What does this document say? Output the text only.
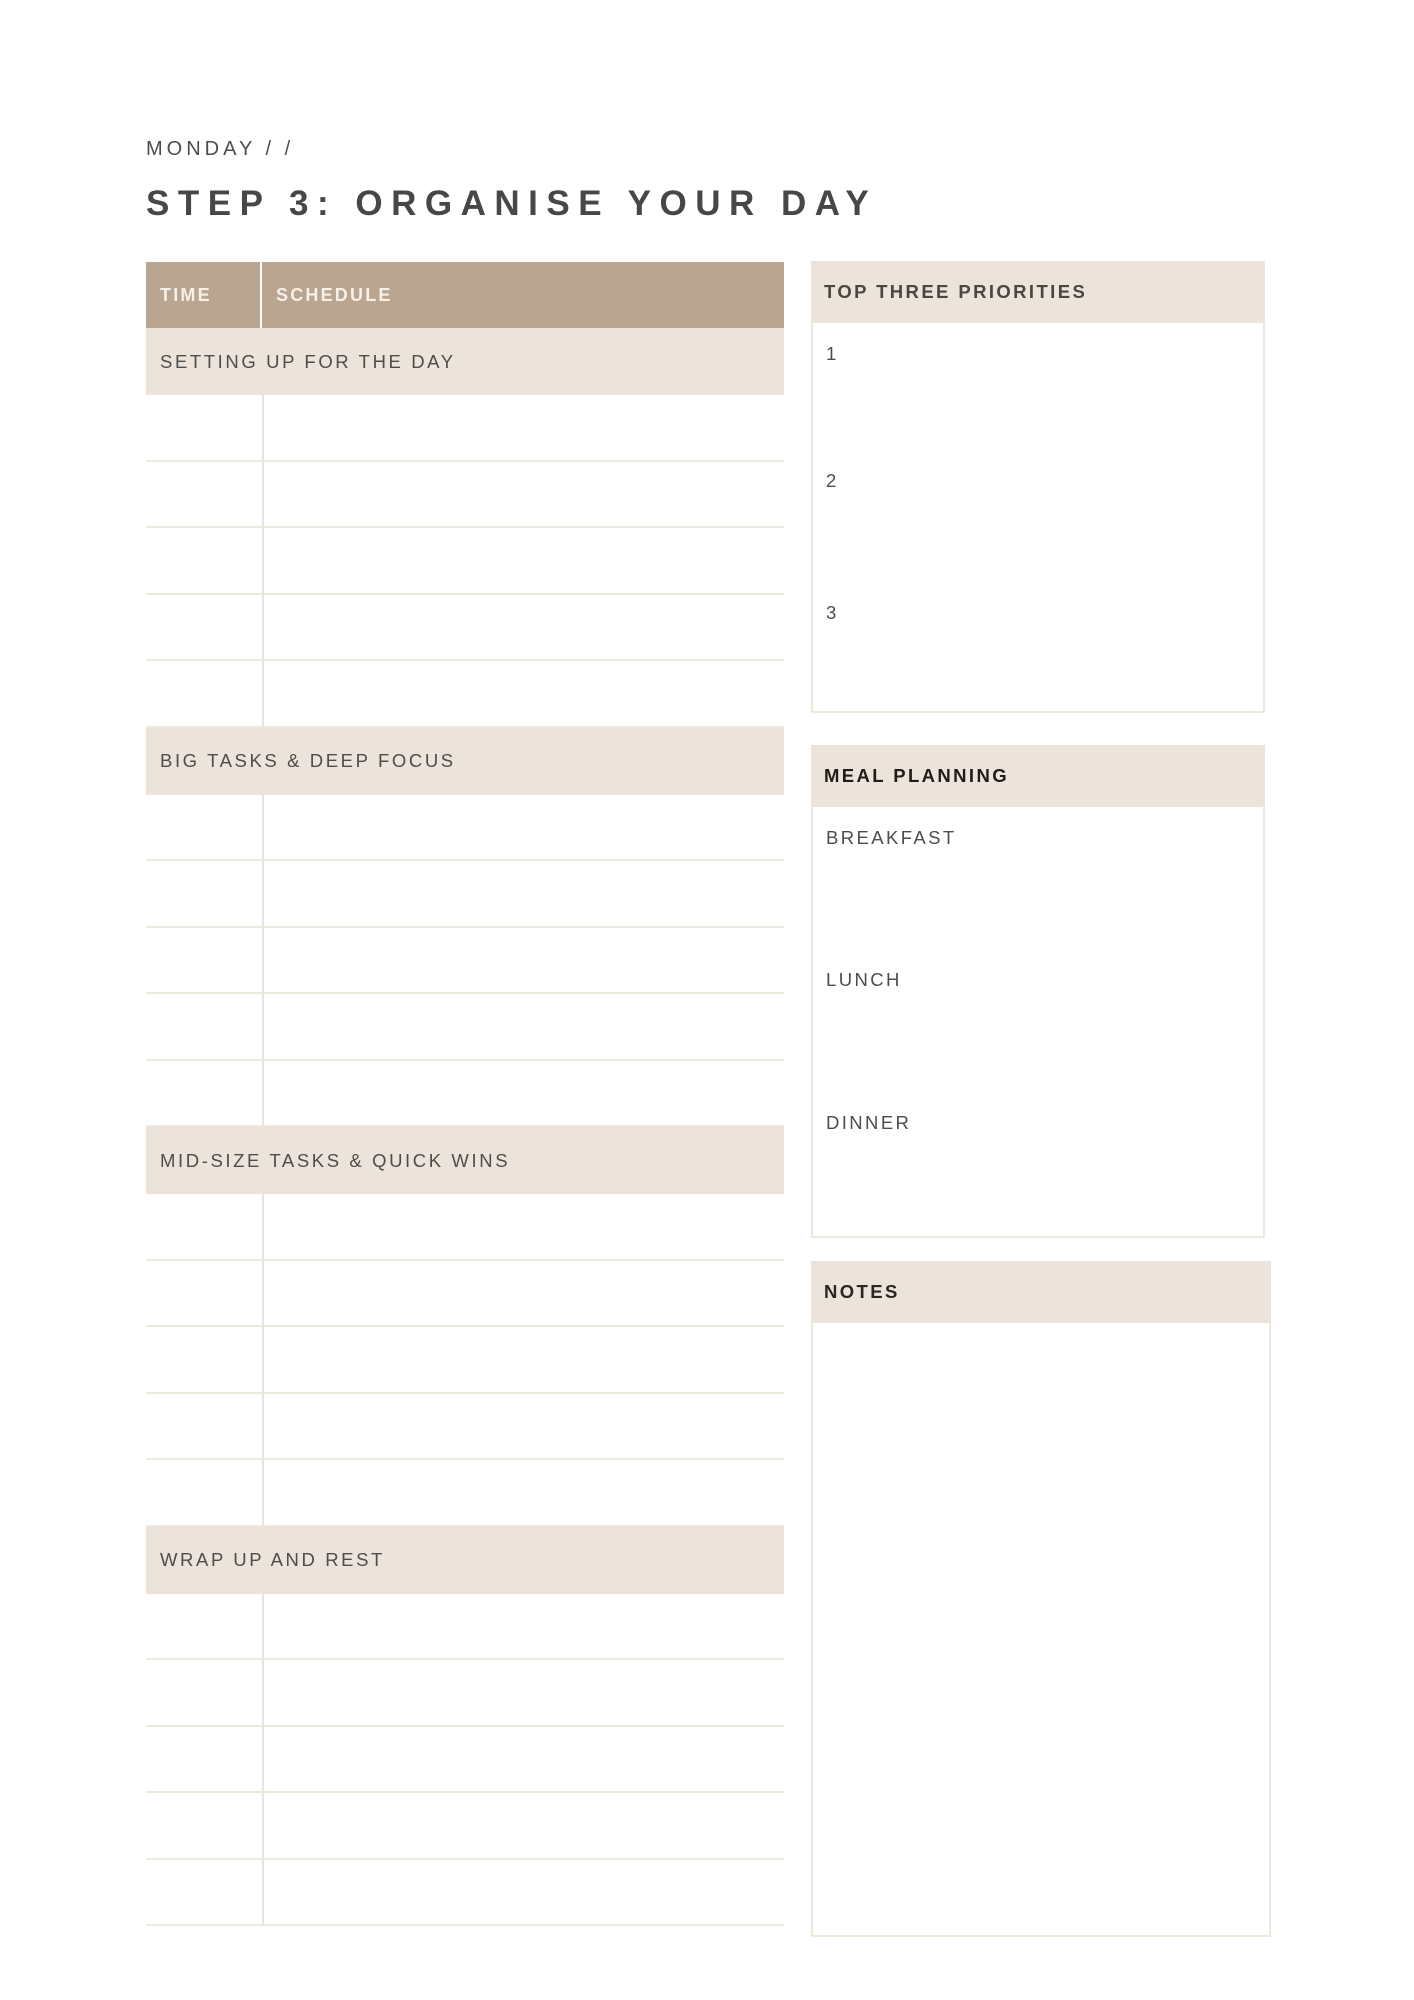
MONDAY / /
STEP 3: ORGANISE YOUR DAY
TIME	SCHEDULE
SETTING UP FOR THE DAY
BIG TASKS & DEEP FOCUS
MID-SIZE TASKS & QUICK WINS
WRAP UP AND REST
TOP THREE PRIORITIES
1
2
3
MEAL PLANNING
BREAKFAST
LUNCH
DINNER
NOTES
